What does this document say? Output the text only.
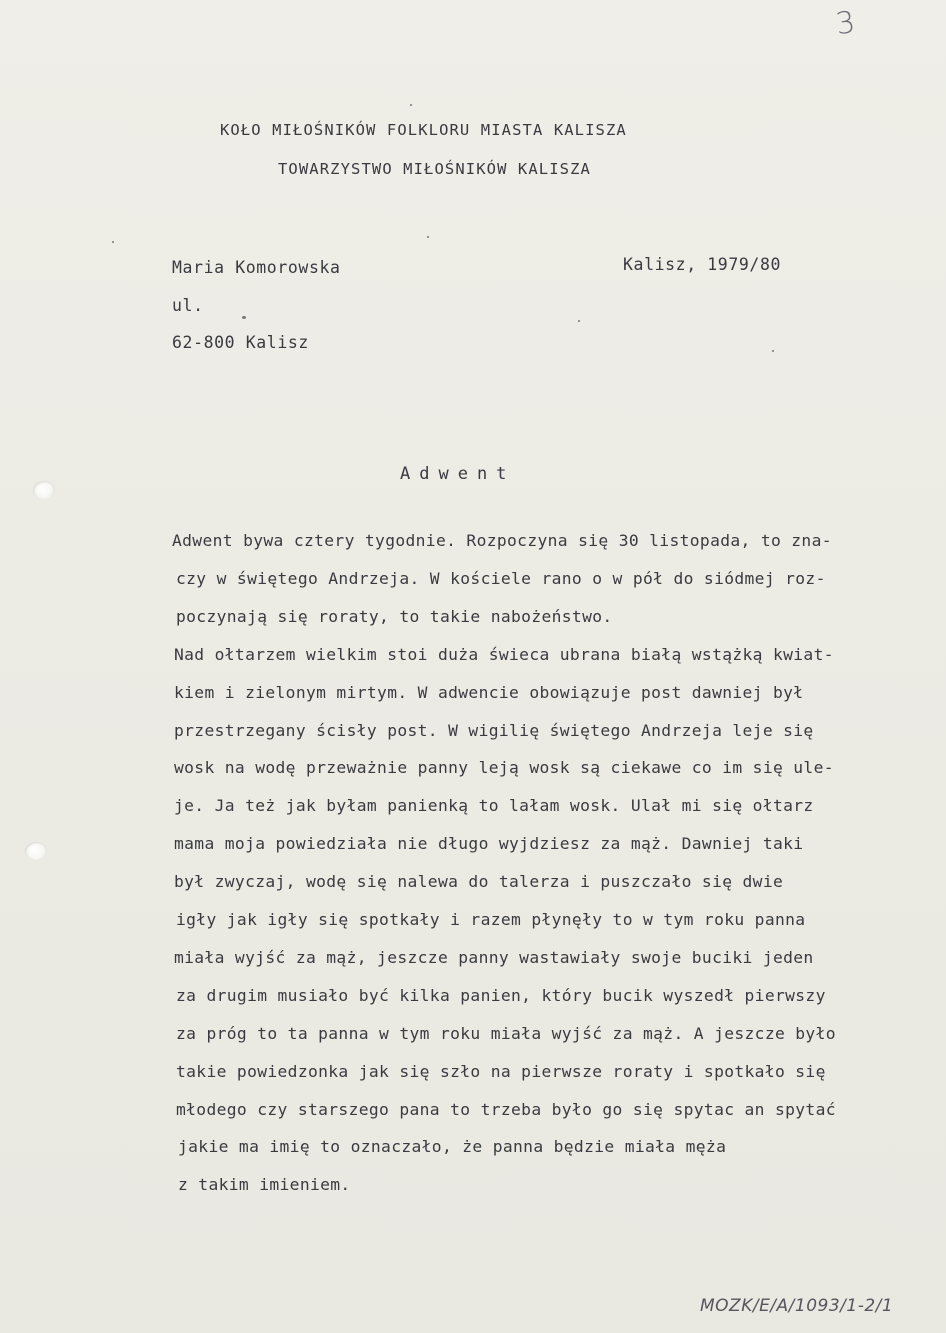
3
KOŁO MIŁOŚNIKÓW FOLKLORU MIASTA KALISZA
TOWARZYSTWO MIŁOŚNIKÓW KALISZA
Maria Komorowska
ul.
62-800 Kalisz
Kalisz, 1979/80
Adwent
Adwent bywa cztery tygodnie. Rozpoczyna się 30 listopada, to zna-
czy w świętego Andrzeja. W kościele rano o w pół do siódmej roz-
poczynają się roraty, to takie nabożeństwo.
Nad ołtarzem wielkim stoi duża świeca ubrana białą wstążką kwiat-
kiem i zielonym mirtym. W adwencie obowiązuje post dawniej był
przestrzegany ścisły post. W wigilię świętego Andrzeja leje się
wosk na wodę przeważnie panny leją wosk są ciekawe co im się ule-
je. Ja też jak byłam panienką to lałam wosk. Ulał mi się ołtarz
mama moja powiedziała nie długo wyjdziesz za mąż. Dawniej taki
był zwyczaj, wodę się nalewa do talerza i puszczało się dwie
igły jak igły się spotkały i razem płynęły to w tym roku panna
miała wyjść za mąż, jeszcze panny wastawiały swoje buciki jeden
za drugim musiało być kilka panien, który bucik wyszedł pierwszy
za próg to ta panna w tym roku miała wyjść za mąż. A jeszcze było
takie powiedzonka jak się szło na pierwsze roraty i spotkało się
młodego czy starszego pana to trzeba było go się spytac an spytać
jakie ma imię to oznaczało, że panna będzie miała męża
z takim imieniem.
MOZK/E/A/1093/1-2/1
